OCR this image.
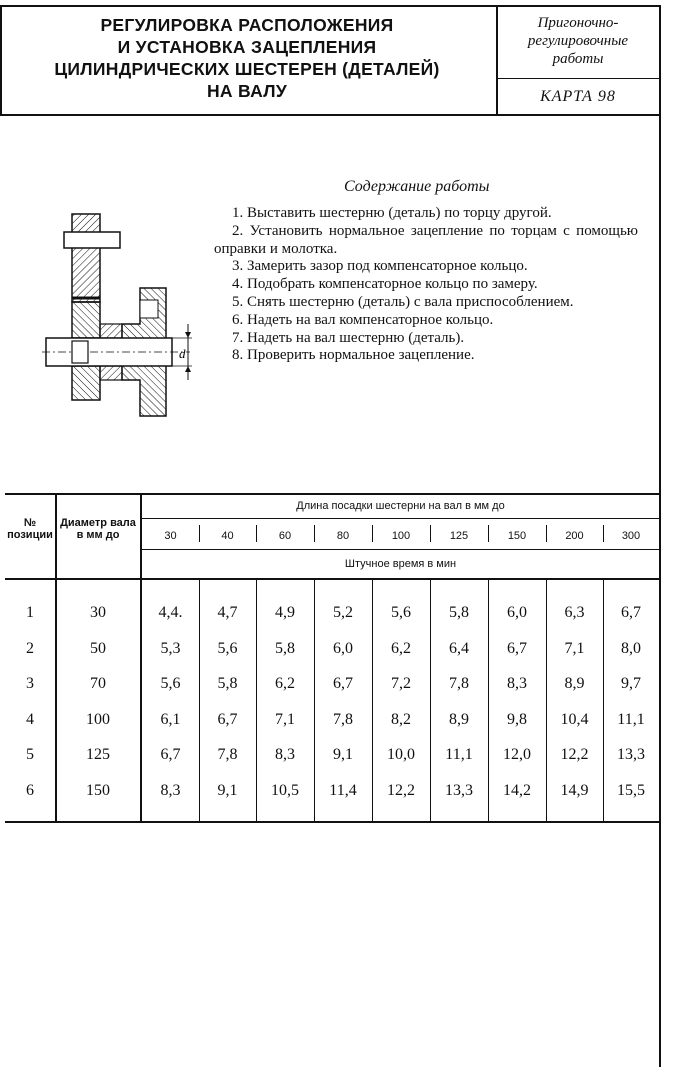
РЕГУЛИРОВКА РАСПОЛОЖЕНИЯ
И УСТАНОВКА ЗАЦЕПЛЕНИЯ
ЦИЛИНДРИЧЕСКИХ ШЕСТЕРЕН (ДЕТАЛЕЙ)
НА ВАЛУ
Пригоночно-
регулировочные
работы
КАРТА 98
d
Содержание работы
1. Выставить шестерню (деталь) по торцу другой.
2. Установить нормальное зацепление по торцам с помощью оправки и молотка.
3. Замерить зазор под компенсаторное кольцо.
4. Подобрать компенсаторное кольцо по замеру.
5. Снять шестерню (деталь) с вала приспособлением.
6. Надеть на вал компенсаторное кольцо.
7. Надеть на вал шестерню (деталь).
8. Проверить нормальное зацепление.
№ позиции
Диаметр вала в мм до
Длина посадки шестерни на вал в мм до
Штучное время в мин
30	40	60	80	100	125	150	200	300
1	30	4,4.	4,7	4,9	5,2	5,6	5,8	6,0	6,3	6,7
2	50	5,3	5,6	5,8	6,0	6,2	6,4	6,7	7,1	8,0
3	70	5,6	5,8	6,2	6,7	7,2	7,8	8,3	8,9	9,7
4	100	6,1	6,7	7,1	7,8	8,2	8,9	9,8	10,4	11,1
5	125	6,7	7,8	8,3	9,1	10,0	11,1	12,0	12,2	13,3
6	150	8,3	9,1	10,5	11,4	12,2	13,3	14,2	14,9	15,5
